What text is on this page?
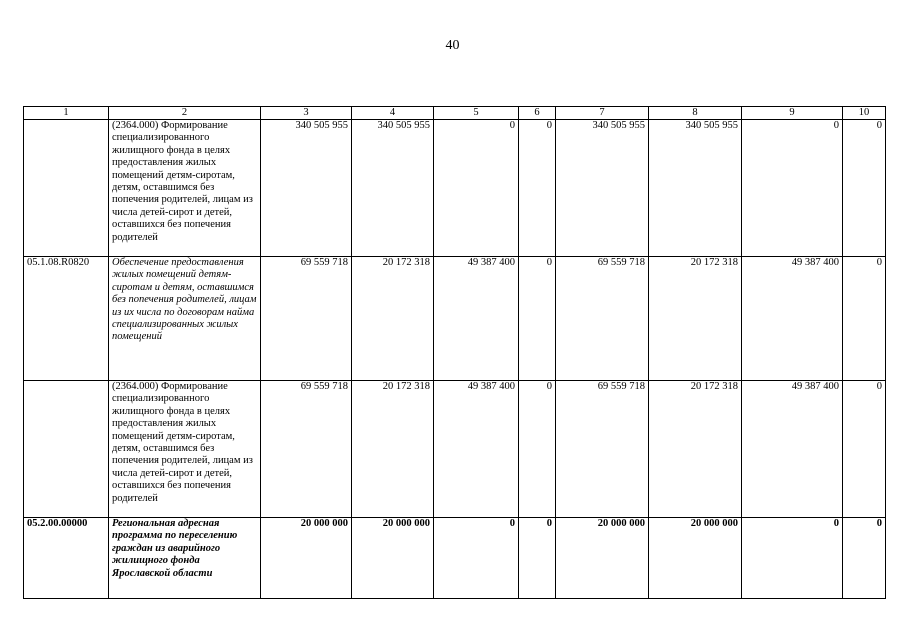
40
1	2	3	4	5	6	7	8	9	10
	(2364.000) Формирование специализированного жилищного фонда в целях предоставления жилых помещений детям-сиротам, детям, оставшимся без попечения родителей, лицам из числа детей-сирот и детей, оставшихся без попечения родителей	340 505 955	340 505 955	0	0	340 505 955	340 505 955	0	0
05.1.08.R0820	Обеспечение предоставления жилых помещений детям-сиротам и детям, оставшимся без попечения родителей, лицам из их числа по договорам найма специализированных жилых помещений	69 559 718	20 172 318	49 387 400	0	69 559 718	20 172 318	49 387 400	0
	(2364.000) Формирование специализированного жилищного фонда в целях предоставления жилых помещений детям-сиротам, детям, оставшимся без попечения родителей, лицам из числа детей-сирот и детей, оставшихся без попечения родителей	69 559 718	20 172 318	49 387 400	0	69 559 718	20 172 318	49 387 400	0
05.2.00.00000	Региональная адресная программа по переселению граждан из аварийного жилищного фонда Ярославской области	20 000 000	20 000 000	0	0	20 000 000	20 000 000	0	0
